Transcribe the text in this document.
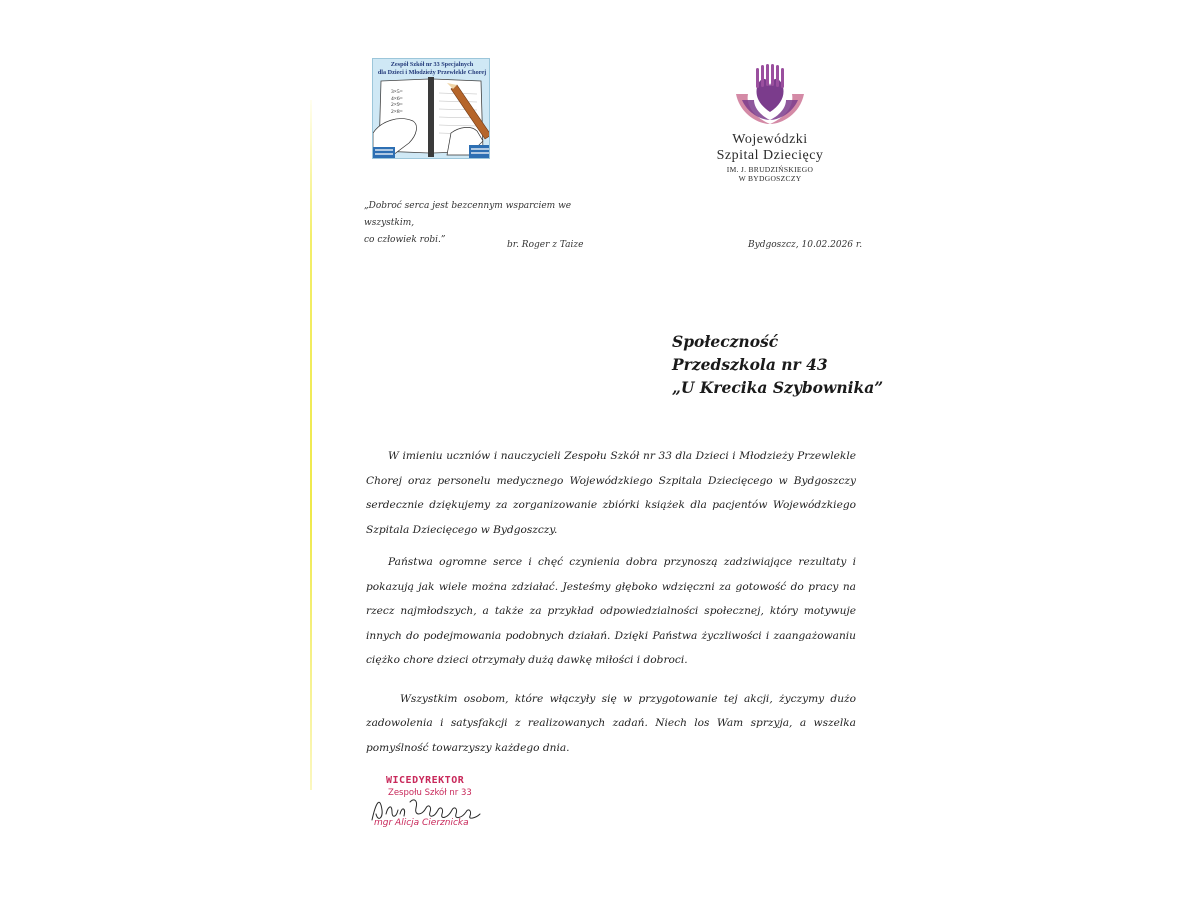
Zespół Szkół nr 33 Specjalnych
dla Dzieci i Młodzieży Przewlekle Chorej
3×5=
4×6=
2×9=
2×8=
Wojewódzki
Szpital Dziecięcy
IM. J. BRUDZIŃSKIEGO
W BYDGOSZCZY
„Dobroć serca jest bezcennym wsparciem we wszystkim,
co człowiek robi.”	br. Roger z Taize	Bydgoszcz, 10.02.2026 r.
Społeczność
Przedszkola nr 43
„U Krecika Szybownika”

W imieniu uczniów i nauczycieli Zespołu Szkół nr 33 dla Dzieci i Młodzieży Przewlekle Chorej oraz personelu medycznego Wojewódzkiego Szpitala Dziecięcego w Bydgoszczy serdecznie dziękujemy za zorganizowanie zbiórki książek dla pacjentów Wojewódzkiego Szpitala Dziecięcego w Bydgoszczy.

Państwa ogromne serce i chęć czynienia dobra przynoszą zadziwiające rezultaty i pokazują jak wiele można zdziałać. Jesteśmy głęboko wdzięczni za gotowość do pracy na rzecz najmłodszych, a także za przykład odpowiedzialności społecznej, który motywuje innych do podejmowania podobnych działań. Dzięki Państwa życzliwości i zaangażowaniu ciężko chore dzieci otrzymały dużą dawkę miłości i dobroci.

Wszystkim osobom, które włączyły się w przygotowanie tej akcji, życzymy dużo zadowolenia i satysfakcji z realizowanych zadań. Niech los Wam sprzyja, a wszelka pomyślność towarzyszy każdego dnia.

WICEDYREKTOR
Zespołu Szkół nr 33
mgr Alicja Cierznicka
